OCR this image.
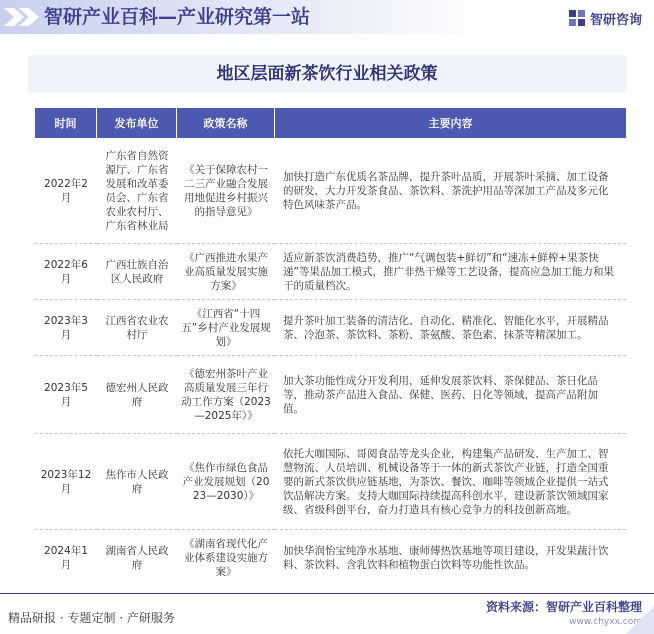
智研产业百科—产业研究第一站	智研咨询
地区层面新茶饮行业相关政策
时间	发布单位	政策名称	主要内容
2022年2月	广东省自然资源厅、广东省发展和改革委员会、广东省农业农村厅、广东省林业局	《关于保障农村一二三产业融合发展用地促进乡村振兴的指导意见》	加快打造广东优质名茶品牌，提升茶叶品质，开展茶叶采摘、加工设备的研发，大力开发茶食品、茶饮料、茶洗护用品等深加工产品及多元化特色风味茶产品。
2022年6月	广西壮族自治区人民政府	《广西推进水果产业高质量发展实施方案》	适应新茶饮消费趋势，推广“气调包装+鲜切”和“速冻+鲜榨+果茶快递”等果品加工模式，推广非热干燥等工艺设备，提高应急加工能力和果干的质量档次。
2023年3月	江西省农业农村厅	《江西省“十四五”乡村产业发展规划》	提升茶叶加工装备的清洁化、自动化、精准化、智能化水平，开展精品茶、冷泡茶、茶饮料、茶粉、茶氨酸、茶色素、抹茶等精深加工。
2023年5月	德宏州人民政府	《德宏州茶叶产业高质量发展三年行动工作方案（2023—2025年）》	加大茶功能性成分开发利用，延伸发展茶饮料、茶保健品、茶日化品等，推动茶产品进入食品、保健、医药、日化等领域，提高产品附加值。
2023年12月	焦作市人民政府	《焦作市绿色食品产业发展规划（2023—2030）》	依托大咖国际、哥阅食品等龙头企业，构建集产品研发、生产加工、智慧物流、人员培训、机械设备等于一体的新式茶饮产业链，打造全国重要的新式茶饮供应链基地，为茶饮、餐饮、咖啡等领域企业提供一站式饮品解决方案。支持大咖国际持续提高科创水平，建设新茶饮领域国家级、省级科创平台，奋力打造具有核心竞争力的科技创新高地。
2024年1月	湖南省人民政府	《湖南省现代化产业体系建设实施方案》	加快华润怡宝纯净水基地、康师傅热饮基地等项目建设，开发果蔬汁饮料、茶饮料、含乳饮料和植物蛋白饮料等功能性饮品。
精品研报 · 专题定制 · 产研服务
资料来源：智研产业百科整理
www.chyxx.com
